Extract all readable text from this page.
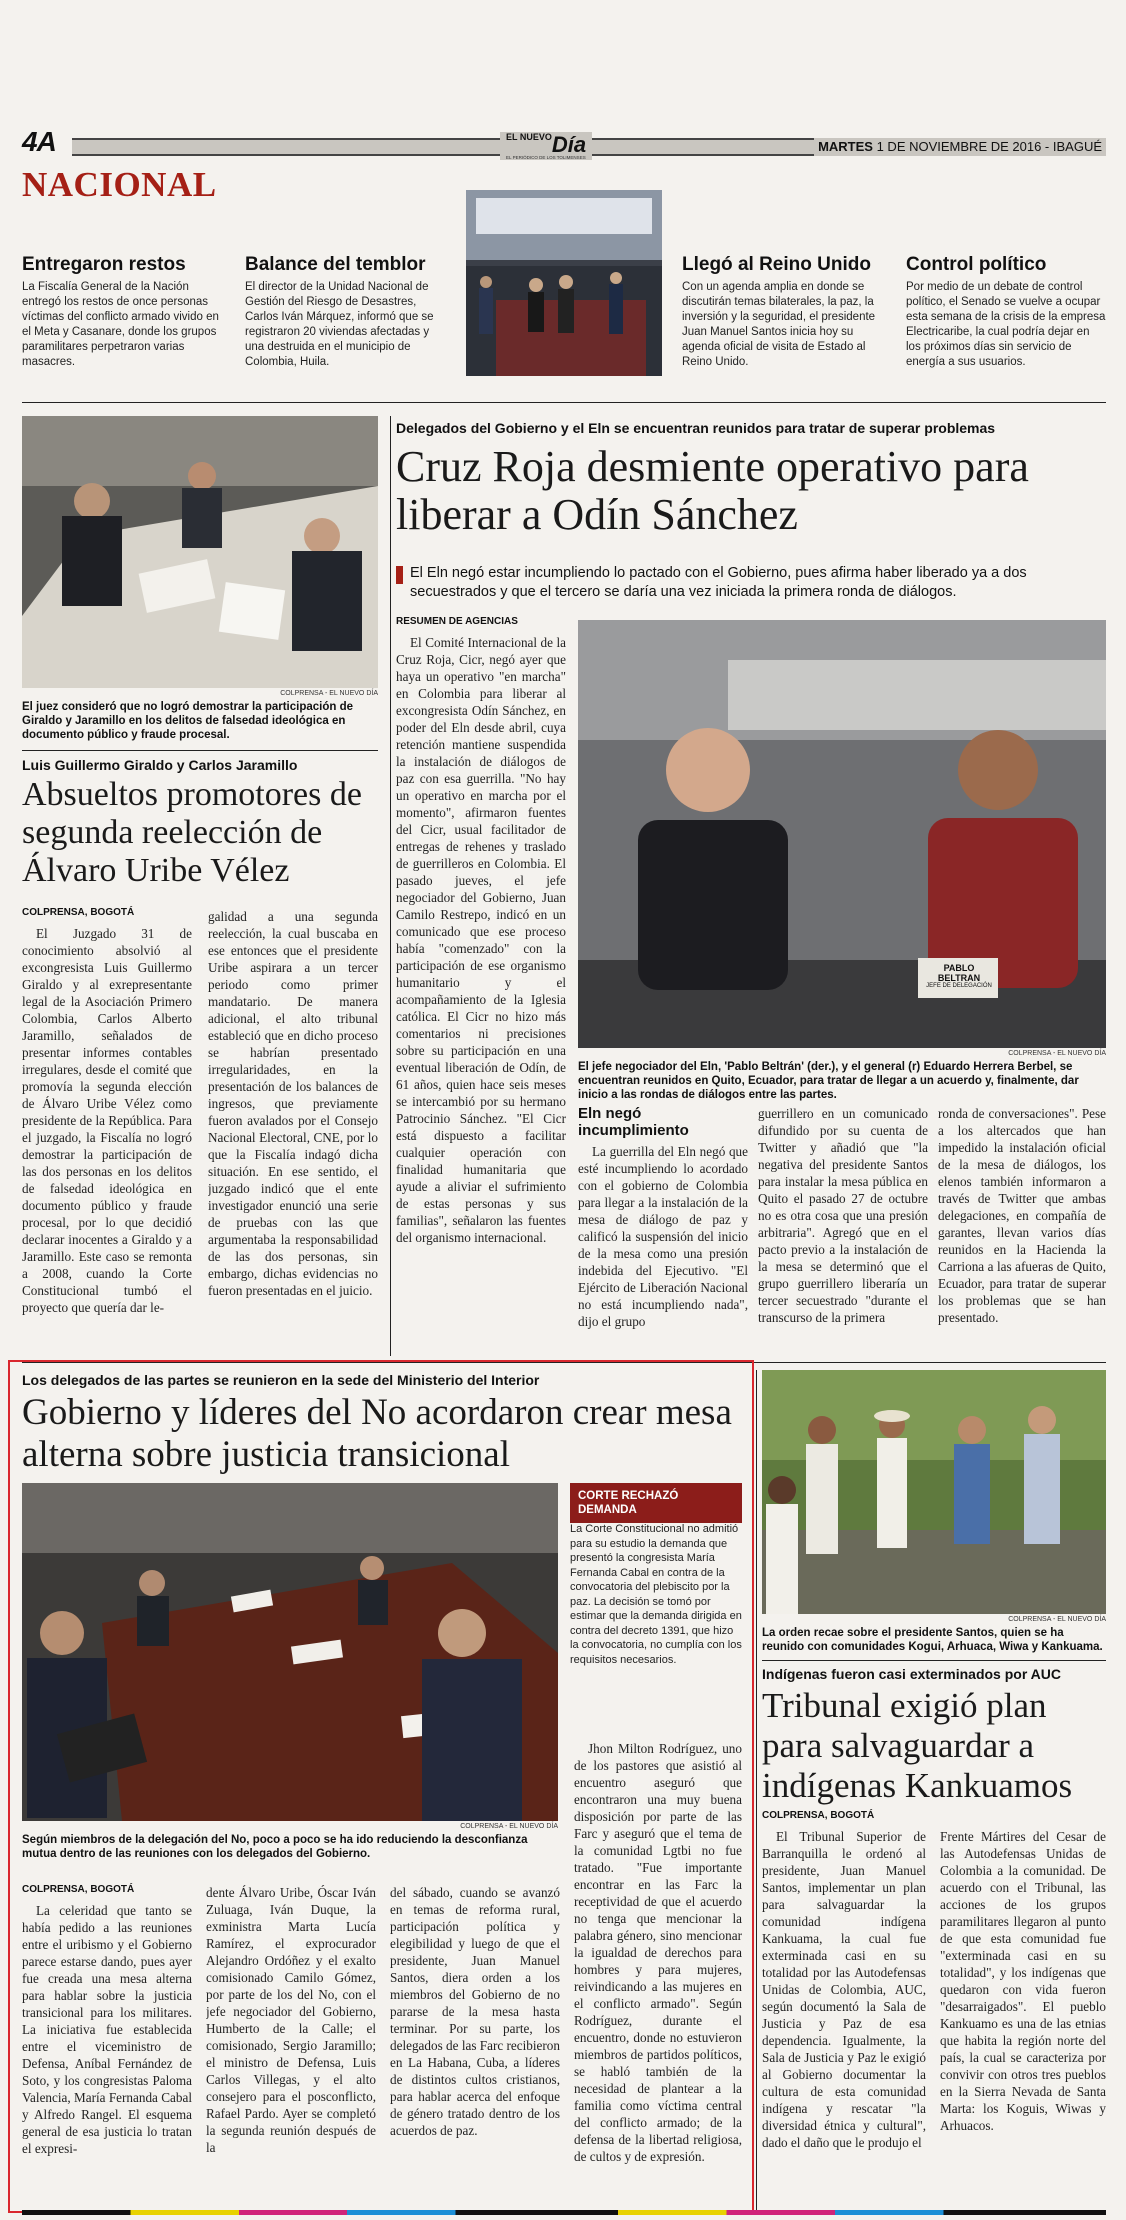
4A	$^{EL NUEVO}$Día
EL PERIÓDICO DE LOS TOLIMENSES
MARTES 1 DE NOVIEMBRE DE 2016 - IBAGUÉ
NACIONAL
Entregaron restos

La Fiscalía General de la Nación entregó los restos de once personas víctimas del conflicto armado vivido en el Meta y Casanare, donde los grupos paramilitares perpetraron varias masacres.

Balance del temblor

El director de la Unidad Nacional de Gestión del Riesgo de Desastres, Carlos Iván Márquez, informó que se registraron 20 viviendas afectadas y una destruida en el municipio de Colombia, Huila.

Llegó al Reino Unido

Con un agenda amplia en donde se discutirán temas bilaterales, la paz, la inversión y la seguridad, el presidente Juan Manuel Santos inicia hoy su agenda oficial de visita de Estado al Reino Unido.

Control político

Por medio de un debate de control político, el Senado se vuelve a ocupar esta semana de la crisis de la empresa Electricaribe, la cual podría dejar en los próximos días sin servicio de energía a sus usuarios.

COLPRENSA - EL NUEVO DÍA
El juez consideró que no logró demostrar la participación de Giraldo y Jaramillo en los delitos de falsedad ideológica en documento público y fraude procesal.
Luis Guillermo Giraldo y Carlos Jaramillo
Absueltos promotores de segunda reelección de Álvaro Uribe Vélez
COLPRENSA, BOGOTÁ

El Juzgado 31 de conocimiento absolvió al excongresista Luis Guillermo Giraldo y al exrepresentante legal de la Asociación Primero Colombia, Carlos Alberto Jaramillo, señalados de presentar informes contables irregulares, desde el comité que promovía la segunda elección de Álvaro Uribe Vélez como presidente de la República. Para el juzgado, la Fiscalía no logró demostrar la participación de las dos personas en los delitos de falsedad ideológica en documento público y fraude procesal, por lo que decidió declarar inocentes a Giraldo y a Jaramillo. Este caso se remonta a 2008, cuando la Corte Constitucional tumbó el proyecto que quería dar le-

galidad a una segunda reelección, la cual buscaba en ese entonces que el presidente Uribe aspirara a un tercer periodo como primer mandatario. De manera adicional, el alto tribunal estableció que en dicho proceso se habrían presentado irregularidades, en la presentación de los balances de ingresos, que previamente fueron avalados por el Consejo Nacional Electoral, CNE, por lo que la Fiscalía indagó dicha situación. En ese sentido, el juzgado indicó que el ente investigador enunció una serie de pruebas con las que argumentaba la responsabilidad de las dos personas, sin embargo, dichas evidencias no fueron presentadas en el juicio.

Delegados del Gobierno y el Eln se encuentran reunidos para tratar de superar problemas
Cruz Roja desmiente operativo para liberar a Odín Sánchez
El Eln negó estar incumpliendo lo pactado con el Gobierno, pues afirma haber liberado ya a dos secuestrados y que el tercero se daría una vez iniciada la primera ronda de diálogos.
RESUMEN DE AGENCIAS

El Comité Internacional de la Cruz Roja, Cicr, negó ayer que haya un operativo "en marcha" en Colombia para liberar al excongresista Odín Sánchez, en poder del Eln desde abril, cuya retención mantiene suspendida la instalación de diálogos de paz con esa guerrilla. "No hay un operativo en marcha por el momento", afirmaron fuentes del Cicr, usual facilitador de entregas de rehenes y traslado de guerrilleros en Colombia. El pasado jueves, el jefe negociador del Gobierno, Juan Camilo Restrepo, indicó en un comunicado que ese proceso había "comenzado" con la participación de ese organismo humanitario y el acompañamiento de la Iglesia católica. El Cicr no hizo más comentarios ni precisiones sobre su participación en una eventual liberación de Odín, de 61 años, quien hace seis meses se intercambió por su hermano Patrocinio Sánchez. "El Cicr está dispuesto a facilitar cualquier operación con finalidad humanitaria que ayude a aliviar el sufrimiento de estas personas y sus familias", señalaron las fuentes del organismo internacional.

PABLO BELTRAN
JEFE DE DELEGACIÓN
COLPRENSA - EL NUEVO DÍA
El jefe negociador del Eln, 'Pablo Beltrán' (der.), y el general (r) Eduardo Herrera Berbel, se encuentran reunidos en Quito, Ecuador, para tratar de llegar a un acuerdo y, finalmente, dar inicio a las rondas de diálogos entre las partes.
Eln negó incumplimiento

La guerrilla del Eln negó que esté incumpliendo lo acordado con el gobierno de Colombia para llegar a la instalación de la mesa de diálogo de paz y calificó la suspensión del inicio de la mesa como una presión indebida del Ejecutivo. "El Ejército de Liberación Nacional no está incumpliendo nada", dijo el grupo

guerrillero en un comunicado difundido por su cuenta de Twitter y añadió que "la negativa del presidente Santos para instalar la mesa pública en Quito el pasado 27 de octubre no es otra cosa que una presión arbitraria". Agregó que en el pacto previo a la instalación de la mesa se determinó que el grupo guerrillero liberaría un tercer secuestrado "durante el transcurso de la primera

ronda de conversaciones". Pese a los altercados que han impedido la instalación oficial de la mesa de diálogos, los elenos también informaron a través de Twitter que ambas delegaciones, en compañía de garantes, llevan varios días reunidos en la Hacienda la Carriona a las afueras de Quito, Ecuador, para tratar de superar los problemas que se han presentado.

Los delegados de las partes se reunieron en la sede del Ministerio del Interior
Gobierno y líderes del No acordaron crear mesa alterna sobre justicia transicional
COLPRENSA - EL NUEVO DÍA
Según miembros de la delegación del No, poco a poco se ha ido reduciendo la desconfianza mutua dentro de las reuniones con los delegados del Gobierno.
CORTE RECHAZÓ DEMANDA
La Corte Constitucional no admitió para su estudio la demanda que presentó la congresista María Fernanda Cabal en contra de la convocatoria del plebiscito por la paz. La decisión se tomó por estimar que la demanda dirigida en contra del decreto 1391, que hizo la convocatoria, no cumplía con los requisitos necesarios.
COLPRENSA, BOGOTÁ

La celeridad que tanto se había pedido a las reuniones entre el uribismo y el Gobierno parece estarse dando, pues ayer fue creada una mesa alterna para hablar sobre la justicia transicional para los militares. La iniciativa fue establecida entre el viceministro de Defensa, Aníbal Fernández de Soto, y los congresistas Paloma Valencia, María Fernanda Cabal y Alfredo Rangel. El esquema general de esa justicia lo tratan el expresi-

dente Álvaro Uribe, Óscar Iván Zuluaga, Iván Duque, la exministra Marta Lucía Ramírez, el exprocurador Alejandro Ordóñez y el exalto comisionado Camilo Gómez, por parte de los del No, con el jefe negociador del Gobierno, Humberto de la Calle; el comisionado, Sergio Jaramillo; el ministro de Defensa, Luis Carlos Villegas, y el alto consejero para el posconflicto, Rafael Pardo. Ayer se completó la segunda reunión después de la

del sábado, cuando se avanzó en temas de reforma rural, participación política y elegibilidad y luego de que el presidente, Juan Manuel Santos, diera orden a los miembros del Gobierno de no pararse de la mesa hasta terminar. Por su parte, los delegados de las Farc recibieron en La Habana, Cuba, a líderes de distintos cultos cristianos, para hablar acerca del enfoque de género tratado dentro de los acuerdos de paz.

Jhon Milton Rodríguez, uno de los pastores que asistió al encuentro aseguró que encontraron una muy buena disposición por parte de las Farc y aseguró que el tema de la comunidad Lgtbi no fue tratado. "Fue importante encontrar en las Farc la receptividad de que el acuerdo no tenga que mencionar la palabra género, sino mencionar la igualdad de derechos para hombres y para mujeres, reivindicando a las mujeres en el conflicto armado". Según Rodríguez, durante el encuentro, donde no estuvieron miembros de partidos políticos, se habló también de la necesidad de plantear a la familia como víctima central del conflicto armado; de la defensa de la libertad religiosa, de cultos y de expresión.

COLPRENSA - EL NUEVO DÍA
La orden recae sobre el presidente Santos, quien se ha reunido con comunidades Kogui, Arhuaca, Wiwa y Kankuama.
Indígenas fueron casi exterminados por AUC
Tribunal exigió plan para salvaguardar a indígenas Kankuamos
COLPRENSA, BOGOTÁ

El Tribunal Superior de Barranquilla le ordenó al presidente, Juan Manuel Santos, implementar un plan para salvaguardar la comunidad indígena Kankuama, la cual fue exterminada casi en su totalidad por las Autodefensas Unidas de Colombia, AUC, según documentó la Sala de Justicia y Paz de esa dependencia. Igualmente, la Sala de Justicia y Paz le exigió al Gobierno documentar la cultura de esta comunidad indígena y rescatar "la diversidad étnica y cultural", dado el daño que le produjo el

Frente Mártires del Cesar de las Autodefensas Unidas de Colombia a la comunidad. De acuerdo con el Tribunal, las acciones de los grupos paramilitares llegaron al punto de que esta comunidad fue "exterminada casi en su totalidad", y los indígenas que quedaron con vida fueron "desarraigados". El pueblo Kankuamo es una de las etnias que habita la región norte del país, la cual se caracteriza por convivir con otros tres pueblos en la Sierra Nevada de Santa Marta: los Koguis, Wiwas y Arhuacos.
